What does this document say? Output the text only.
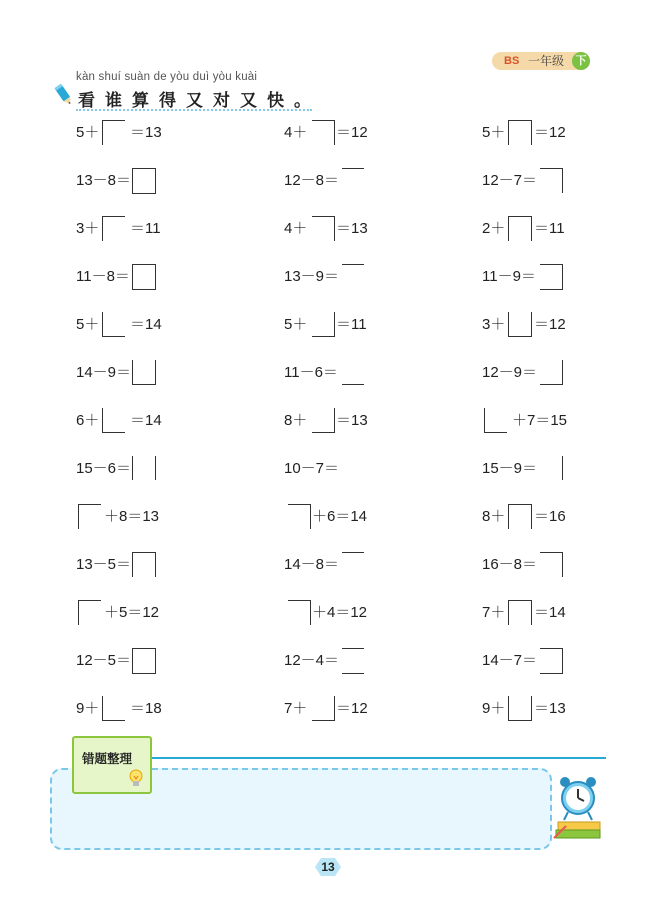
BS 一年级	下
kàn shuí suàn de yòu duì yòu kuài
看谁算得又对又快。
5＋ ＝13	4＋ ＝12	5＋ ＝12
13－8＝	12－8＝	12－7＝
3＋ ＝11	4＋ ＝13	2＋ ＝11
11－8＝	13－9＝	11－9＝
5＋ ＝14	5＋ ＝11	3＋ ＝12
14－9＝	11－6＝	12－9＝
6＋ ＝14	8＋ ＝13	＋7＝15
15－6＝	10－7＝	15－9＝
＋8＝13	＋6＝14	8＋ ＝16
13－5＝	14－8＝	16－8＝
＋5＝12	＋4＝12	7＋ ＝14
12－5＝	12－4＝	14－7＝
9＋ ＝18	7＋ ＝12	9＋ ＝13
错题整理
13
